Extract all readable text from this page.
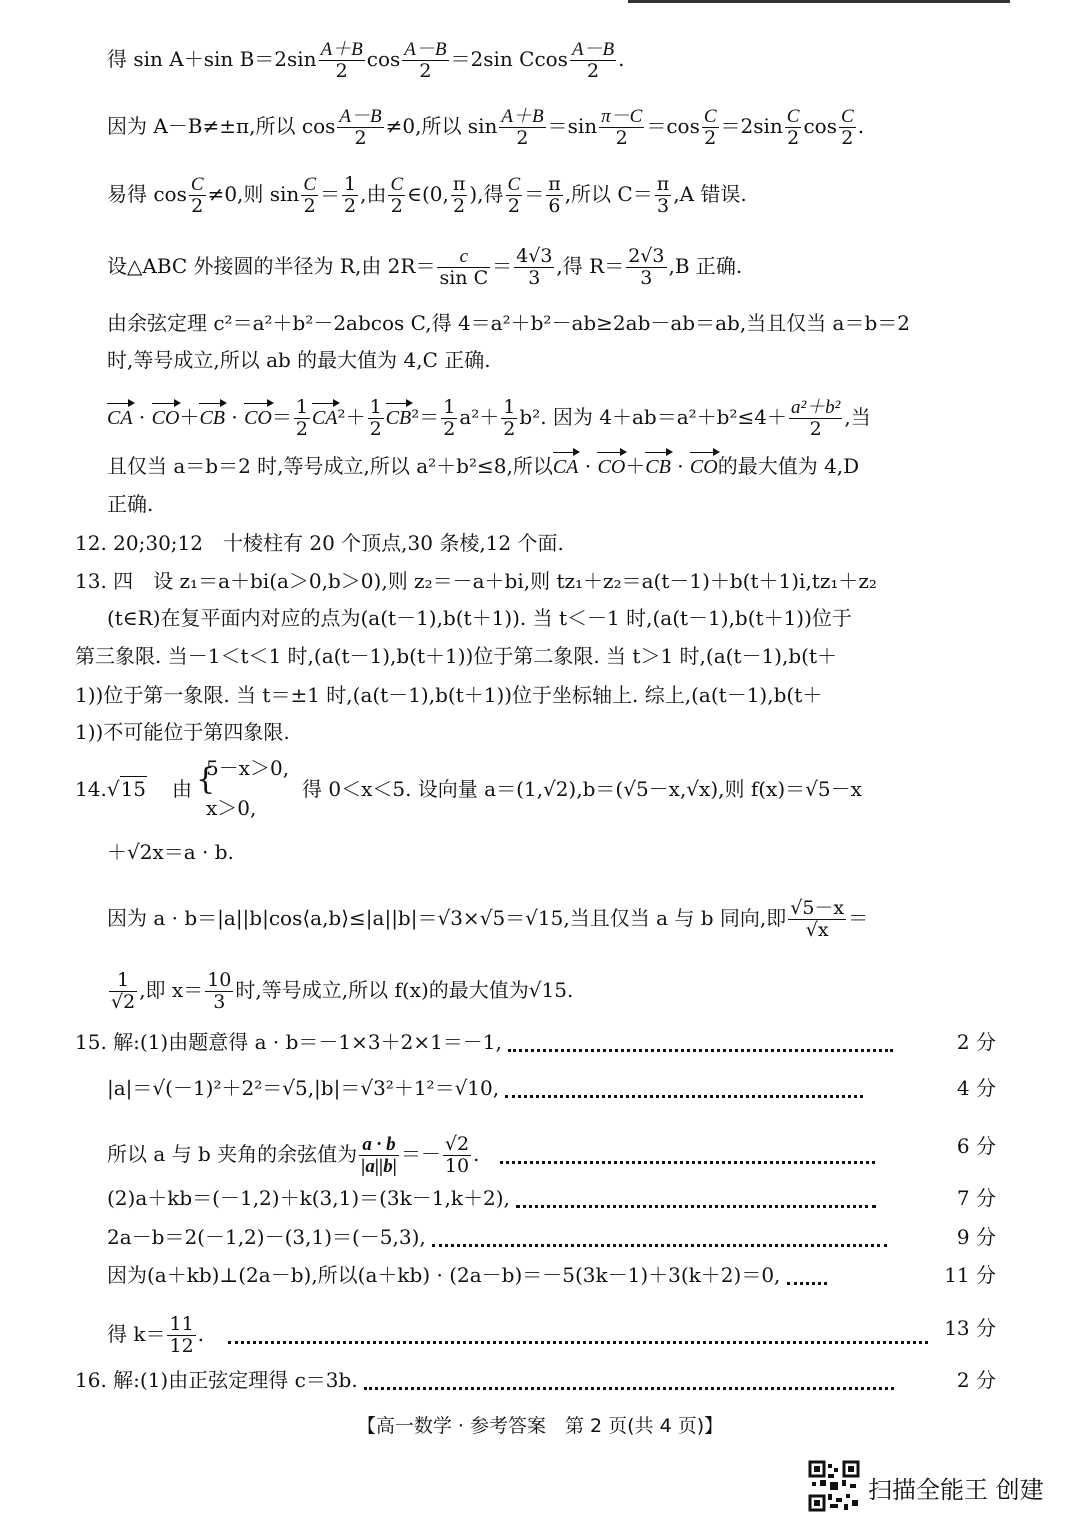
得 sin A＋sin $B=2\sin \frac{A+B}{2}$ $\cos \frac{A-B}{2} =2\sin$ Ccos $\frac{A-B}{2}$ .
因为 A－B≠±π,所以 $\cos \frac{A-B}{2} \ne 0$,所以 $\sin \frac{A+B}{2} =\sin \frac{\pi-C}{2} =\cos \frac{C}{2} =2\sin \frac{C}{2}$ $\cos \frac{C}{2}$ .
易得 $\cos \frac{C}{2} \ne 0$,则 $\sin \frac{C}{2} = \frac{1}{2}$ ,由 $\frac{C}{2}$ ∈(0, $\frac{\pi}{2}$ ),得 $\frac{C}{2} = \frac{\pi}{6}$ ,所以 $C= \frac{\pi}{3} ,A$ 错误.
设△ABC 外接圆的半径为 R,由 $2R= \frac{c}{\text{sin C}} = \frac{4√3}{3}$ ,得 $R= \frac{2√3}{3} ,B$ 正确.
由余弦定理 c²＝a²＋b²－2abcos C,得 4＝a²＋b²－ab≥2ab－ab＝ab,当且仅当 a＝b＝2
时,等号成立,所以 ab 的最大值为 4,C 正确.
CA · $CO+CB \cdot CO= \frac{1}{2} CA^2+ \frac{1}{2} CB^2= \frac{1}{2} a^2+ \frac{1}{2} b^2$. 因为 $4+ab=a^2+b^2\le 4+ \frac{\text{a²＋b²}}{2}$ ,当
且仅当 a＝b＝2 时,等号成立,所以 a²＋b²≤8,所以CA · CO＋CB · CO的最大值为 4,D
正确.
12. 20;30;12　十棱柱有 20 个顶点,30 条棱,12 个面.
13. 四　设 z₁＝a＋bi(a＞0,b＞0),则 z₂＝－a＋bi,则 tz₁＋z₂＝a(t－1)＋b(t＋1)i,tz₁＋z₂
(t∈R)在复平面内对应的点为(a(t－1),b(t＋1)). 当 t＜－1 时,(a(t－1),b(t＋1))位于
第三象限. 当－1＜t＜1 时,(a(t－1),b(t＋1))位于第二象限. 当 t＞1 时,(a(t－1),b(t＋
1))位于第一象限. 当 t＝±1 时,(a(t－1),b(t＋1))位于坐标轴上. 综上,(a(t－1),b(t＋
1))不可能位于第四象限.
14.√15 由 {
5－x＞0,
x＞0,
得 0＜x＜5. 设向量 a＝(1,√2),b＝(√5－x,√x),则 f(x)＝√5－x
＋√2x＝a · b.
因为 a · b＝|a||b|cos⟨a,b⟩≤|a||b|＝√3×√5＝√15,当且仅当 a 与 b 同向,即 $\frac{√5-x}{√x}$ ＝
$\frac{1}{√2}$ ,即 $x= \frac{10}{3}$ 时,等号成立,所以 f(x)的最大值为√15.
15. 解:(1)由题意得 a · b＝－1×3＋2×1＝－1,	2 分
|a|＝√(－1)²＋2²＝√5,|b|＝√3²＋1²＝√10,	4 分
所以 a 与 b 夹角的余弦值为 $\frac{a \cdot b}{|a||b|} =- \frac{√2}{10}$ .	6 分
(2)a＋kb＝(－1,2)＋k(3,1)＝(3k－1,k＋2),	7 分
2a－b＝2(－1,2)－(3,1)＝(－5,3),	9 分
因为(a＋kb)⊥(2a－b),所以(a＋kb) · (2a－b)＝－5(3k－1)＋3(k＋2)＝0,	11 分
得 $k= \frac{11}{12}$ .	13 分
16. 解:(1)由正弦定理得 c＝3b.	2 分
【高一数学 · 参考答案　第 2 页(共 4 页)】
扫描全能王 创建
